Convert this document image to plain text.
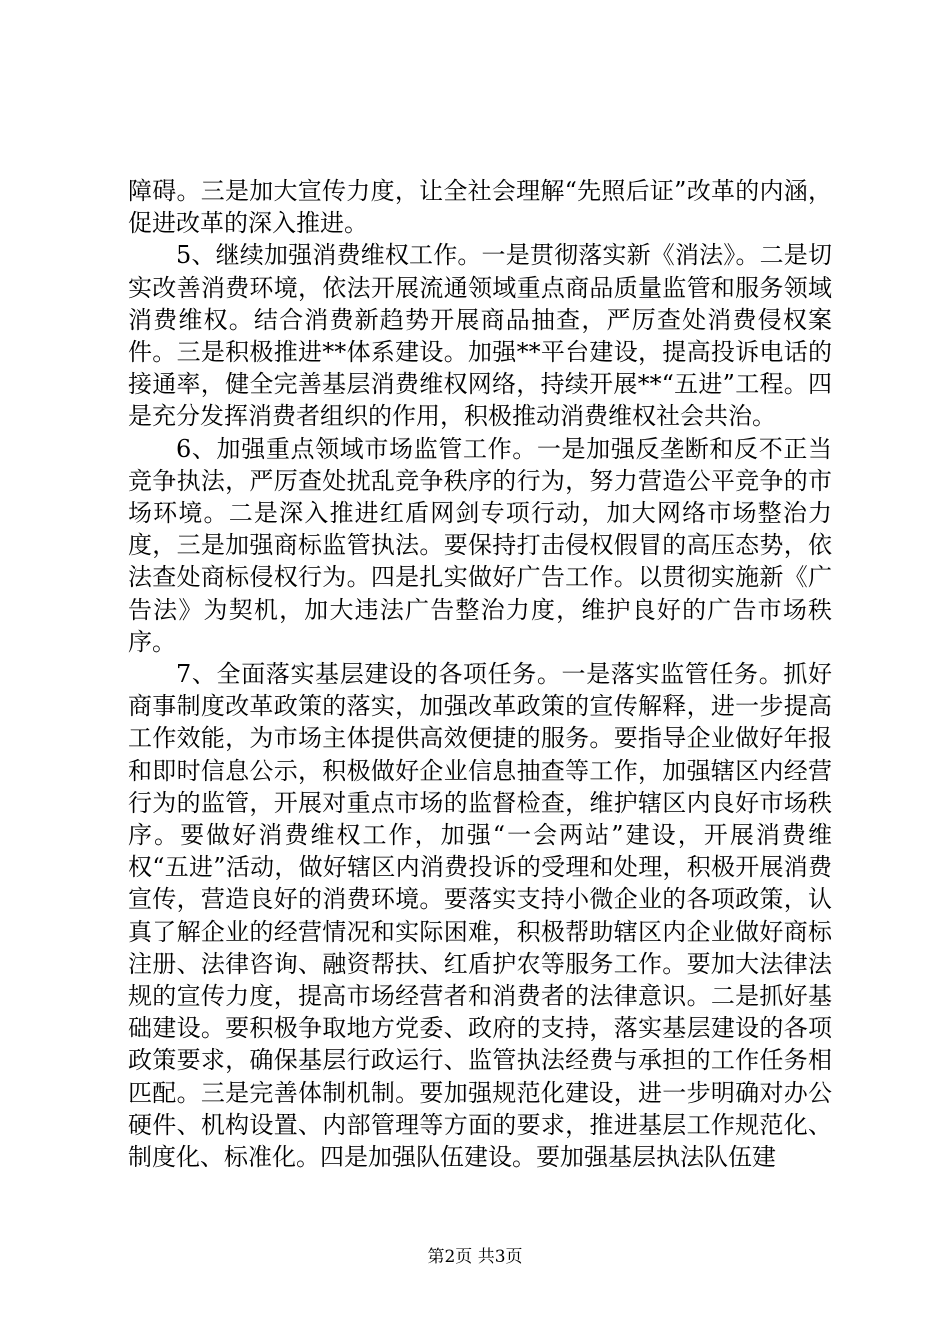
障碍。三是加大宣传力度，让全社会理解“先照后证”改革的内涵，促进改革的深入推进。

5、继续加强消费维权工作。一是贯彻落实新《消法》。二是切实改善消费环境，依法开展流通领域重点商品质量监管和服务领域消费维权。结合消费新趋势开展商品抽查，严厉查处消费侵权案件。三是积极推进**体系建设。加强**平台建设，提高投诉电话的接通率，健全完善基层消费维权网络，持续开展**“五进”工程。四是充分发挥消费者组织的作用，积极推动消费维权社会共治。

6、加强重点领域市场监管工作。一是加强反垄断和反不正当竞争执法，严厉查处扰乱竞争秩序的行为，努力营造公平竞争的市场环境。二是深入推进红盾网剑专项行动，加大网络市场整治力度，三是加强商标监管执法。要保持打击侵权假冒的高压态势，依法查处商标侵权行为。四是扎实做好广告工作。以贯彻实施新《广告法》为契机，加大违法广告整治力度，维护良好的广告市场秩序。

7、全面落实基层建设的各项任务。一是落实监管任务。抓好商事制度改革政策的落实，加强改革政策的宣传解释，进一步提高工作效能，为市场主体提供高效便捷的服务。要指导企业做好年报和即时信息公示，积极做好企业信息抽查等工作，加强辖区内经营行为的监管，开展对重点市场的监督检查，维护辖区内良好市场秩序。要做好消费维权工作，加强“一会两站”建设，开展消费维权“五进”活动，做好辖区内消费投诉的受理和处理，积极开展消费宣传，营造良好的消费环境。要落实支持小微企业的各项政策，认真了解企业的经营情况和实际困难，积极帮助辖区内企业做好商标注册、法律咨询、融资帮扶、红盾护农等服务工作。要加大法律法规的宣传力度，提高市场经营者和消费者的法律意识。二是抓好基础建设。要积极争取地方党委、政府的支持，落实基层建设的各项政策要求，确保基层行政运行、监管执法经费与承担的工作任务相匹配。三是完善体制机制。要加强规范化建设，进一步明确对办公硬件、机构设置、内部管理等方面的要求，推进基层工作规范化、制度化、标准化。四是加强队伍建设。要加强基层执法队伍建

第2页 共3页
